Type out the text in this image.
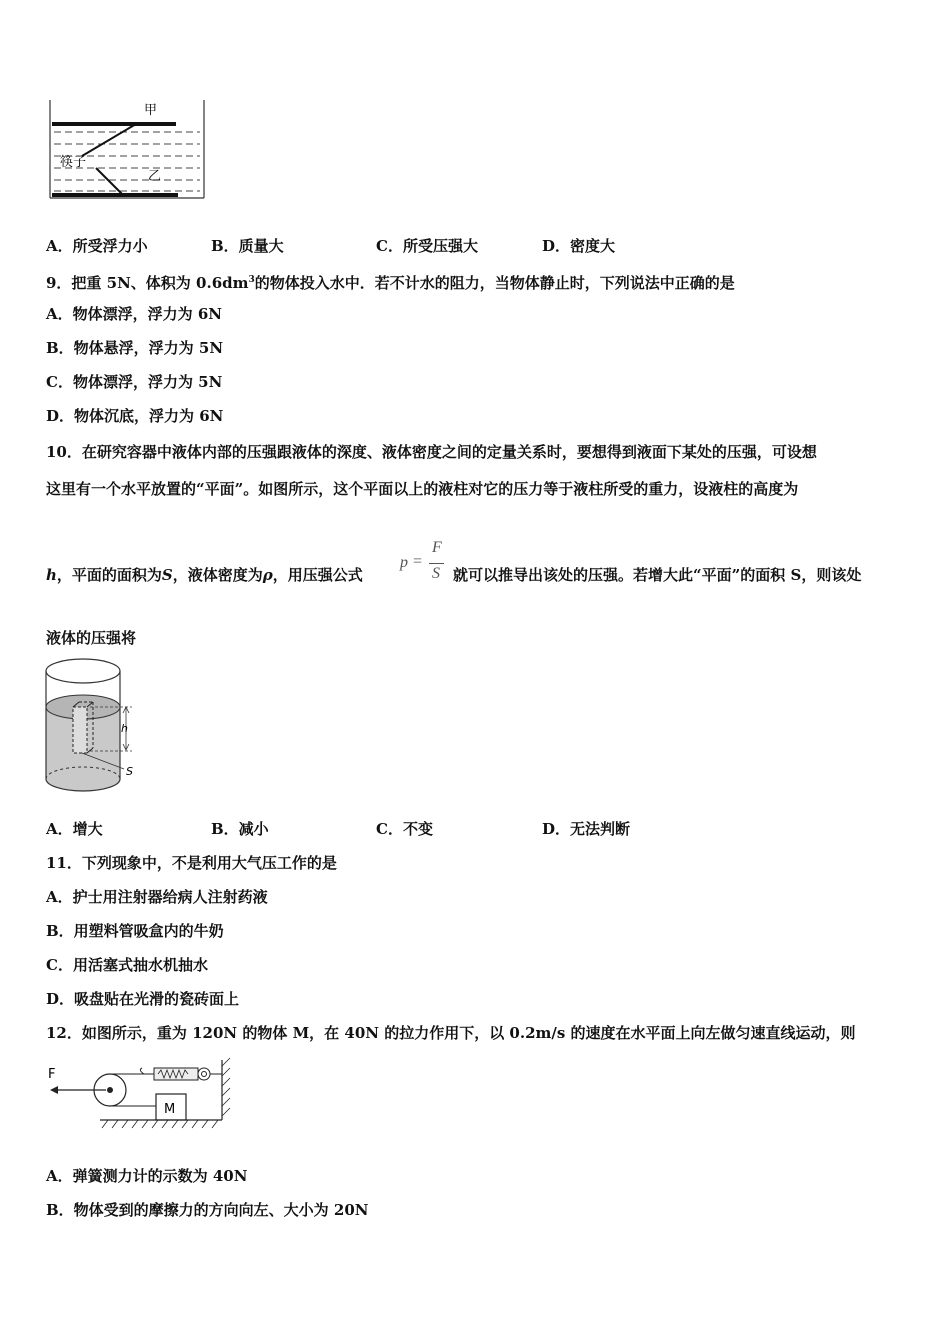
甲
筷子
乙
A．所受浮力小	B．质量大	C．所受压强大	D．密度大
9．把重 5N、体积为 $0.6dm^3$的物体投入水中．若不计水的阻力，当物体静止时，下列说法中正确的是
A．物体漂浮，浮力为 6N
B．物体悬浮，浮力为 5N
C．物体漂浮，浮力为 5N
D．物体沉底，浮力为 6N
10．在研究容器中液体内部的压强跟液体的深度、液体密度之间的定量关系时，要想得到液面下某处的压强，可设想
这里有一个水平放置的“平面”。如图所示，这个平面以上的液柱对它的压力等于液柱所受的重力，设液柱的高度为
h，平面的面积为S，液体密度为ρ，用压强公式
p =
F
S 就可以推导出该处的压强。若增大此“平面”的面积 S，则该处
液体的压强将
h
S
A．增大	B．减小	C．不变	D．无法判断
11．下列现象中，不是利用大气压工作的是
A．护士用注射器给病人注射药液
B．用塑料管吸盒内的牛奶
C．用活塞式抽水机抽水
D．吸盘贴在光滑的瓷砖面上
12．如图所示，重为 120N 的物体 M，在 40N 的拉力作用下，以 0.2m/s 的速度在水平面上向左做匀速直线运动，则
F
M
A．弹簧测力计的示数为 40N
B．物体受到的摩擦力的方向向左、大小为 20N
